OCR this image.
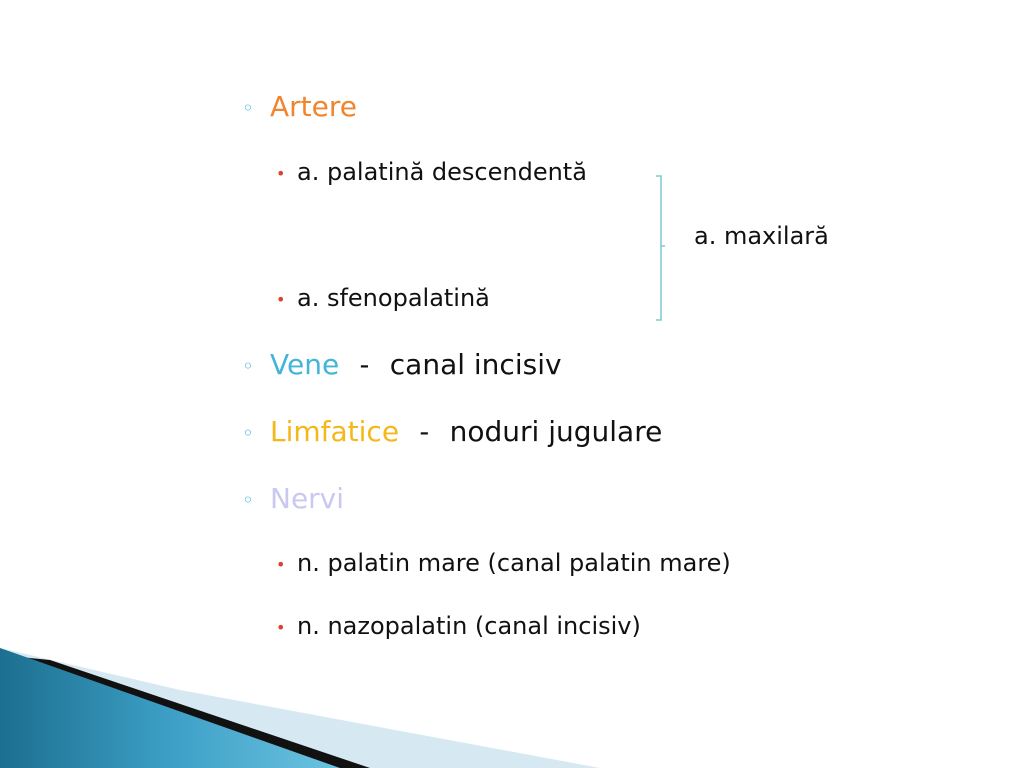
◦ Artere
• a. palatină descendentă
a. maxilară
• a. sfenopalatină
◦ Vene - canal incisiv
◦ Limfatice - noduri jugulare
◦ Nervi
• n. palatin mare (canal palatin mare)
• n. nazopalatin (canal incisiv)
